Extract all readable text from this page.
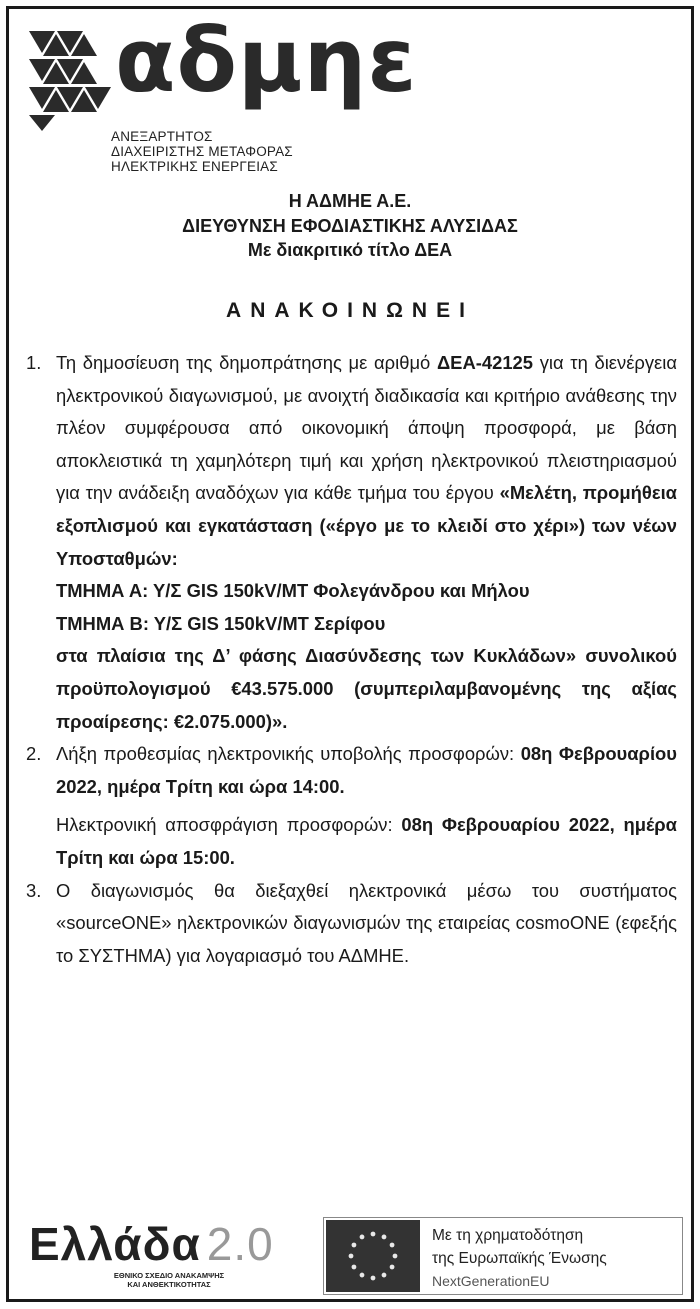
αδμηε
ΑΝΕΞΑΡΤΗΤΟΣ
ΔΙΑΧΕΙΡΙΣΤΗΣ ΜΕΤΑΦΟΡΑΣ
ΗΛΕΚΤΡΙΚΗΣ ΕΝΕΡΓΕΙΑΣ
Η ΑΔΜΗΕ Α.Ε.
ΔΙΕΥΘΥΝΣΗ ΕΦΟΔΙΑΣΤΙΚΗΣ ΑΛΥΣΙΔΑΣ
Με διακριτικό τίτλο ΔΕΑ
ΑΝΑΚΟΙΝΩΝΕΙ
1. Τη δημοσίευση της δημοπράτησης με αριθμό ΔΕΑ-42125 για τη διενέργεια ηλεκτρονικού διαγωνισμού, με ανοιχτή διαδικασία και κριτήριο ανάθεσης την πλέον συμφέρουσα από οικονομική άποψη προσφορά, με βάση αποκλειστικά τη χαμηλότερη τιμή και χρήση ηλεκτρονικού πλειστηριασμού για την ανάδειξη αναδόχων για κάθε τμήμα του έργου «Μελέτη, προμήθεια εξοπλισμού και εγκατάσταση («έργο με το κλειδί στο χέρι») των νέων Υποσταθμών:

ΤΜΗΜΑ Α: Υ/Σ GIS 150kV/MT Φολεγάνδρου και Μήλου

ΤΜΗΜΑ Β: Υ/Σ GIS 150kV/MT Σερίφου

στα πλαίσια της Δ’ φάσης Διασύνδεσης των Κυκλάδων» συνολικού προϋπολογισμού €43.575.000 (συμπεριλαμβανομένης της αξίας προαίρεσης: €2.075.000)».

2. Λήξη προθεσμίας ηλεκτρονικής υποβολής προσφορών: 08η Φεβρουαρίου 2022, ημέρα Τρίτη και ώρα 14:00.

Ηλεκτρονική αποσφράγιση προσφορών: 08η Φεβρουαρίου 2022, ημέρα Τρίτη και ώρα 15:00.

3. Ο διαγωνισμός θα διεξαχθεί ηλεκτρονικά μέσω του συστήματος «sourceONE» ηλεκτρονικών διαγωνισμών της εταιρείας cosmoONE (εφεξής το ΣΥΣΤΗΜΑ) για λογαριασμό του ΑΔΜΗΕ.

Ελλάδα 2.0
ΕΘΝΙΚΟ ΣΧΕΔΙΟ ΑΝΑΚΑΜΨΗΣ
ΚΑΙ ΑΝΘΕΚΤΙΚΟΤΗΤΑΣ
Με τη χρηματοδότηση
της Ευρωπαϊκής Ένωσης
NextGenerationEU
